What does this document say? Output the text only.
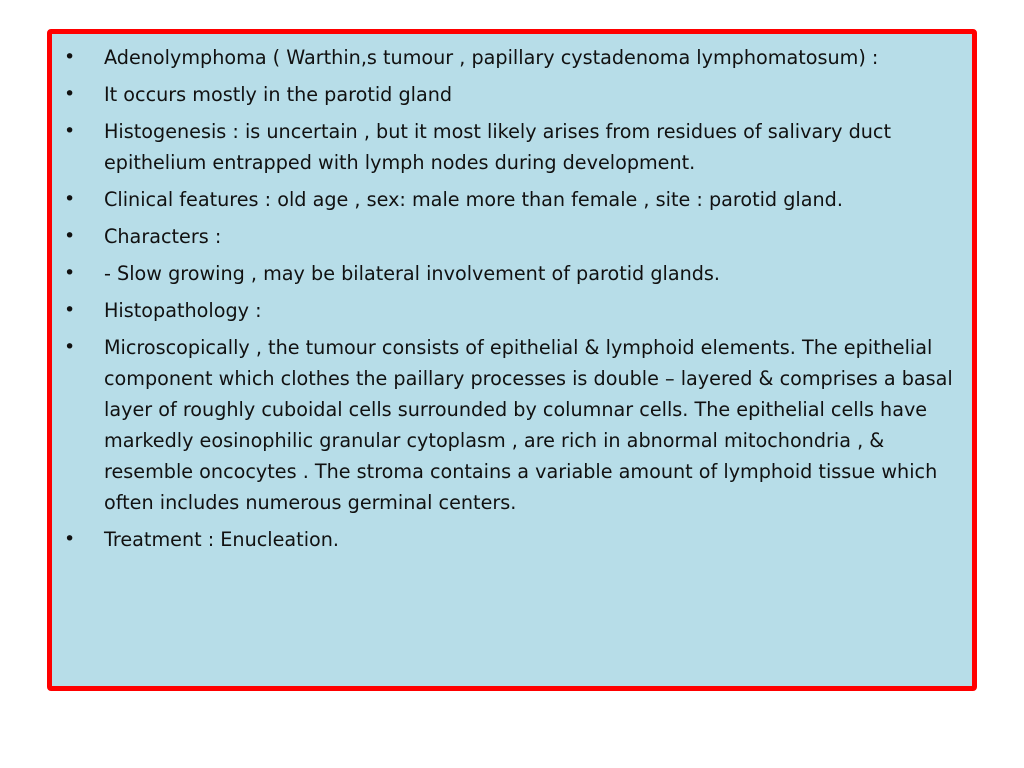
• Adenolymphoma ( Warthin,s tumour , papillary cystadenoma lymphomatosum) :
• It occurs mostly in the parotid gland
• Histogenesis : is uncertain , but it most likely arises from residues of salivary duct epithelium entrapped with lymph nodes during development.
• Clinical features : old age , sex: male more than female , site : parotid gland.
• Characters :
• - Slow growing , may be bilateral involvement of parotid glands.
• Histopathology :
• Microscopically , the tumour consists of epithelial & lymphoid elements. The epithelial component which clothes the paillary processes is double – layered & comprises a basal layer of roughly cuboidal cells surrounded by columnar cells. The epithelial cells have markedly eosinophilic granular cytoplasm , are rich in abnormal mitochondria , & resemble oncocytes . The stroma contains a variable amount of lymphoid tissue which often includes numerous germinal centers.
• Treatment : Enucleation.
